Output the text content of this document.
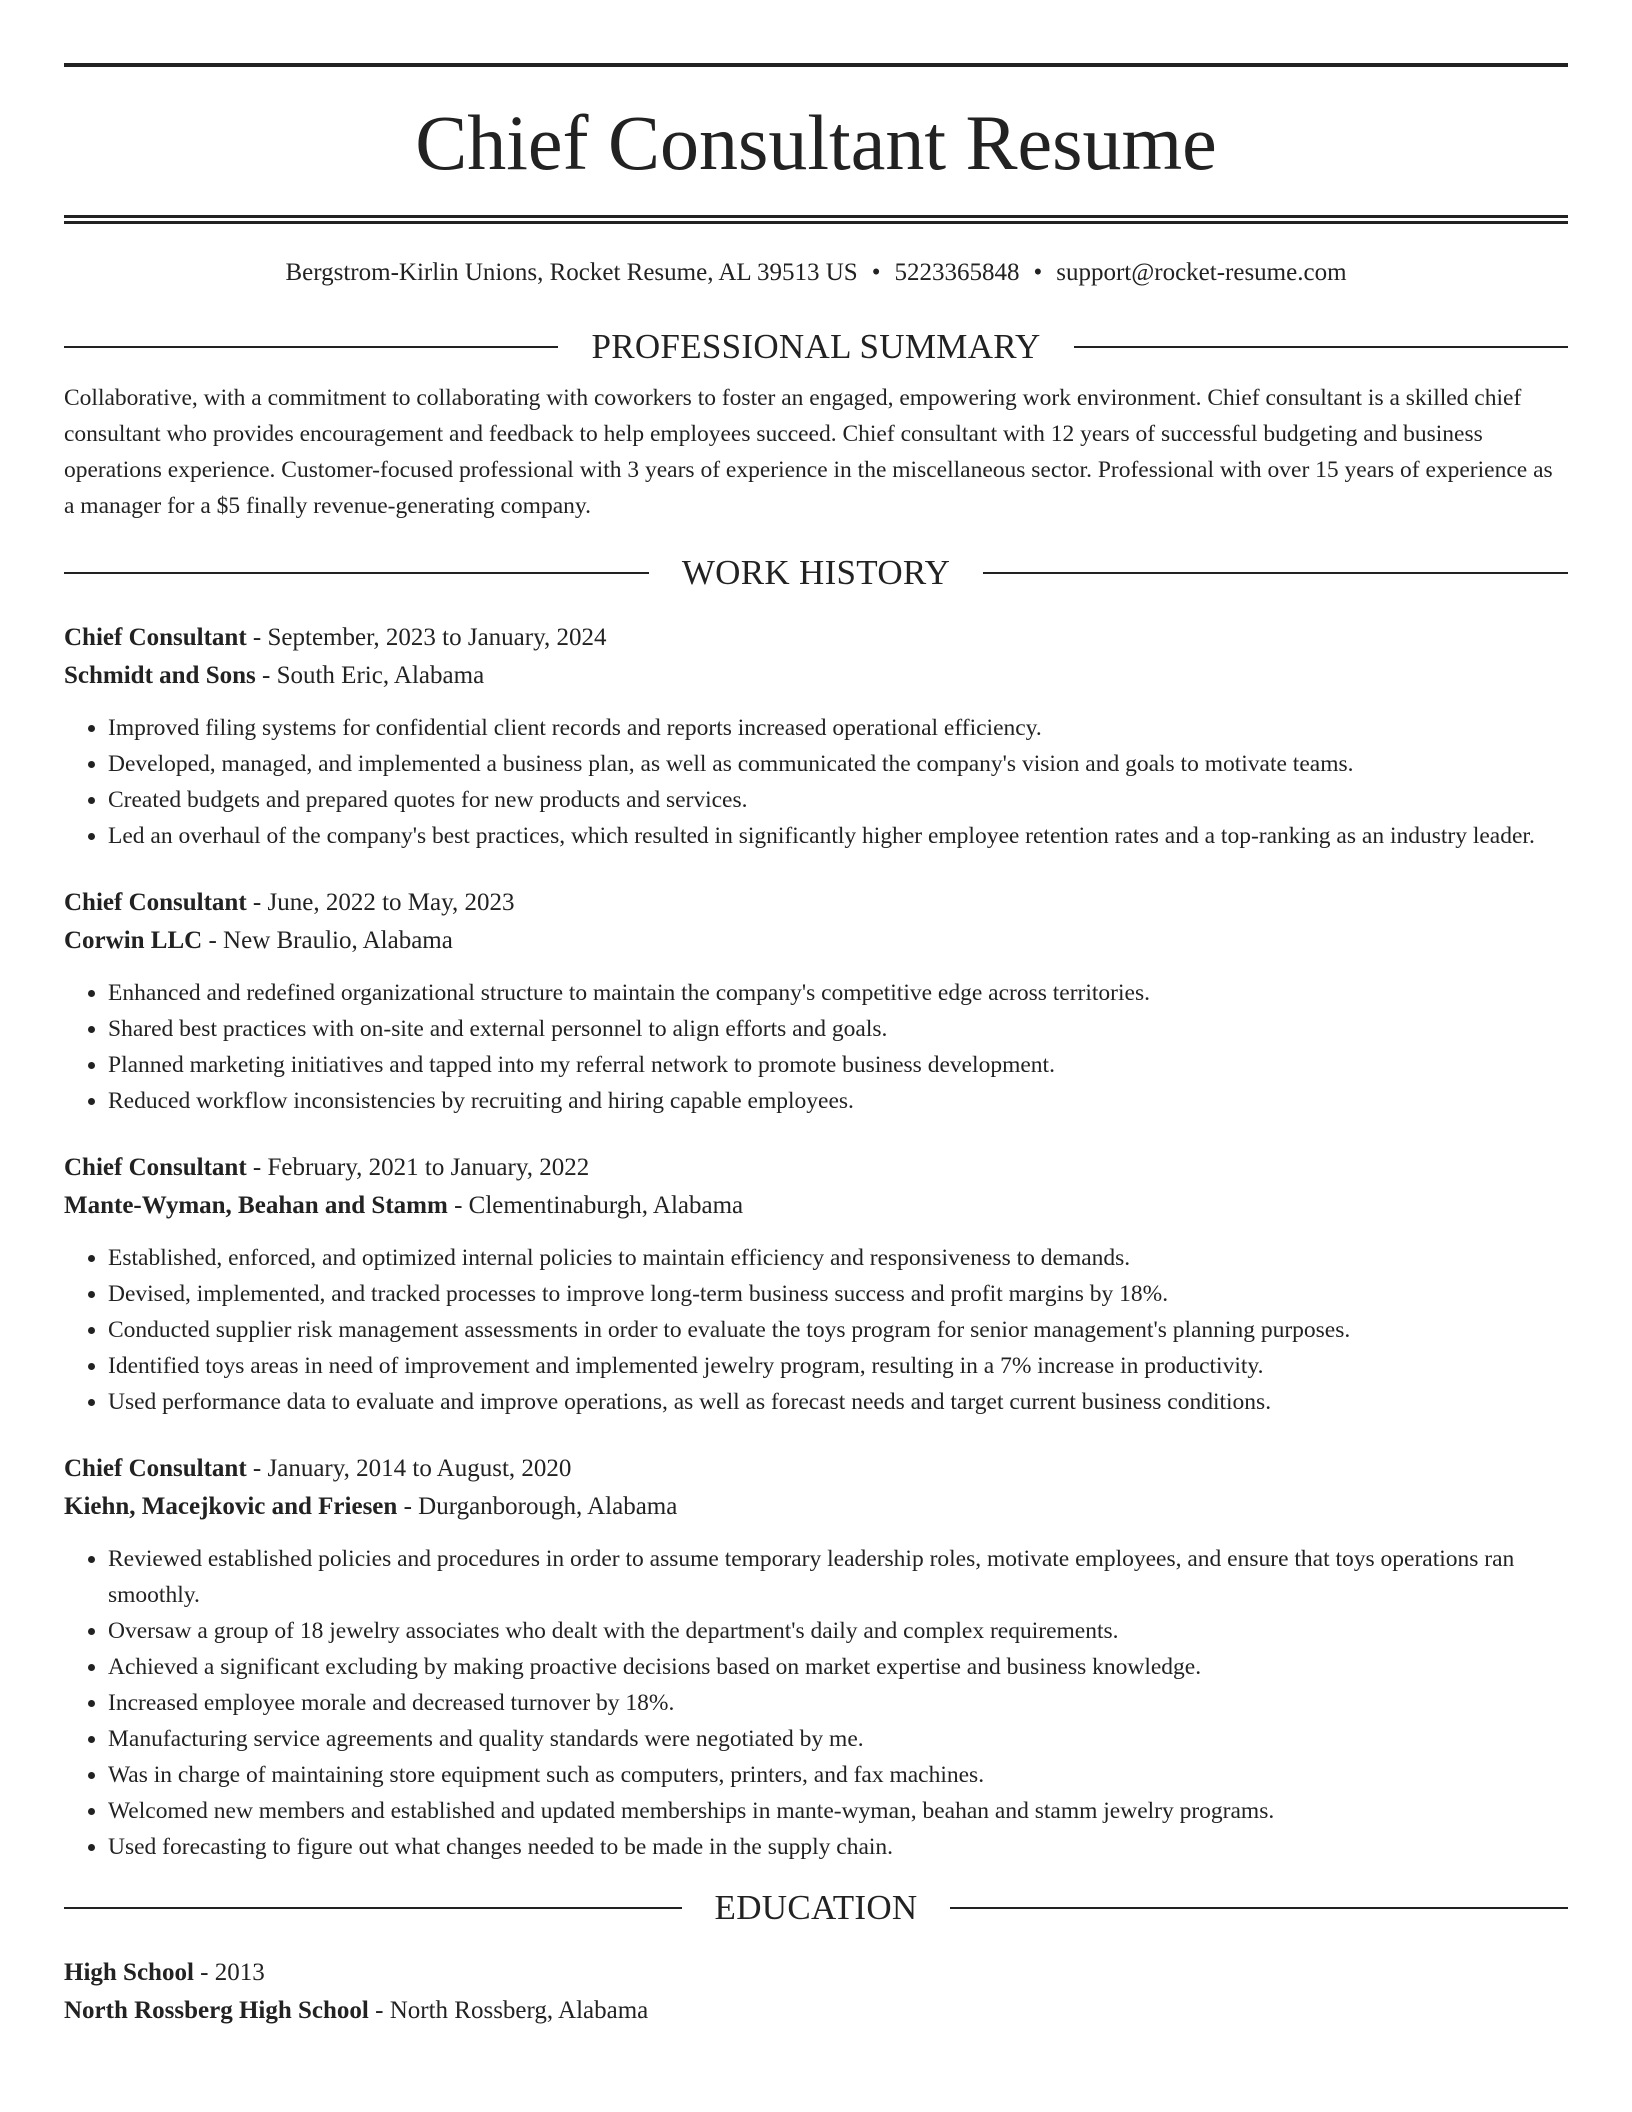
Chief Consultant Resume
Bergstrom-Kirlin Unions, Rocket Resume, AL 39513 US • 5223365848 • support@rocket-resume.com
PROFESSIONAL SUMMARY

Collaborative, with a commitment to collaborating with coworkers to foster an engaged, empowering work environment. Chief consultant is a skilled chief consultant who provides encouragement and feedback to help employees succeed. Chief consultant with 12 years of successful budgeting and business operations experience. Customer-focused professional with 3 years of experience in the miscellaneous sector. Professional with over 15 years of experience as a manager for a $5 finally revenue-generating company.

WORK HISTORY
Chief Consultant - September, 2023 to January, 2024
Schmidt and Sons - South Eric, Alabama
• Improved filing systems for confidential client records and reports increased operational efficiency.
• Developed, managed, and implemented a business plan, as well as communicated the company's vision and goals to motivate teams.
• Created budgets and prepared quotes for new products and services.
• Led an overhaul of the company's best practices, which resulted in significantly higher employee retention rates and a top-ranking as an industry leader.
Chief Consultant - June, 2022 to May, 2023
Corwin LLC - New Braulio, Alabama
• Enhanced and redefined organizational structure to maintain the company's competitive edge across territories.
• Shared best practices with on-site and external personnel to align efforts and goals.
• Planned marketing initiatives and tapped into my referral network to promote business development.
• Reduced workflow inconsistencies by recruiting and hiring capable employees.
Chief Consultant - February, 2021 to January, 2022
Mante-Wyman, Beahan and Stamm - Clementinaburgh, Alabama
• Established, enforced, and optimized internal policies to maintain efficiency and responsiveness to demands.
• Devised, implemented, and tracked processes to improve long-term business success and profit margins by 18%.
• Conducted supplier risk management assessments in order to evaluate the toys program for senior management's planning purposes.
• Identified toys areas in need of improvement and implemented jewelry program, resulting in a 7% increase in productivity.
• Used performance data to evaluate and improve operations, as well as forecast needs and target current business conditions.
Chief Consultant - January, 2014 to August, 2020
Kiehn, Macejkovic and Friesen - Durganborough, Alabama
• Reviewed established policies and procedures in order to assume temporary leadership roles, motivate employees, and ensure that toys operations ran smoothly.
• Oversaw a group of 18 jewelry associates who dealt with the department's daily and complex requirements.
• Achieved a significant excluding by making proactive decisions based on market expertise and business knowledge.
• Increased employee morale and decreased turnover by 18%.
• Manufacturing service agreements and quality standards were negotiated by me.
• Was in charge of maintaining store equipment such as computers, printers, and fax machines.
• Welcomed new members and established and updated memberships in mante-wyman, beahan and stamm jewelry programs.
• Used forecasting to figure out what changes needed to be made in the supply chain.
EDUCATION
High School - 2013
North Rossberg High School - North Rossberg, Alabama
